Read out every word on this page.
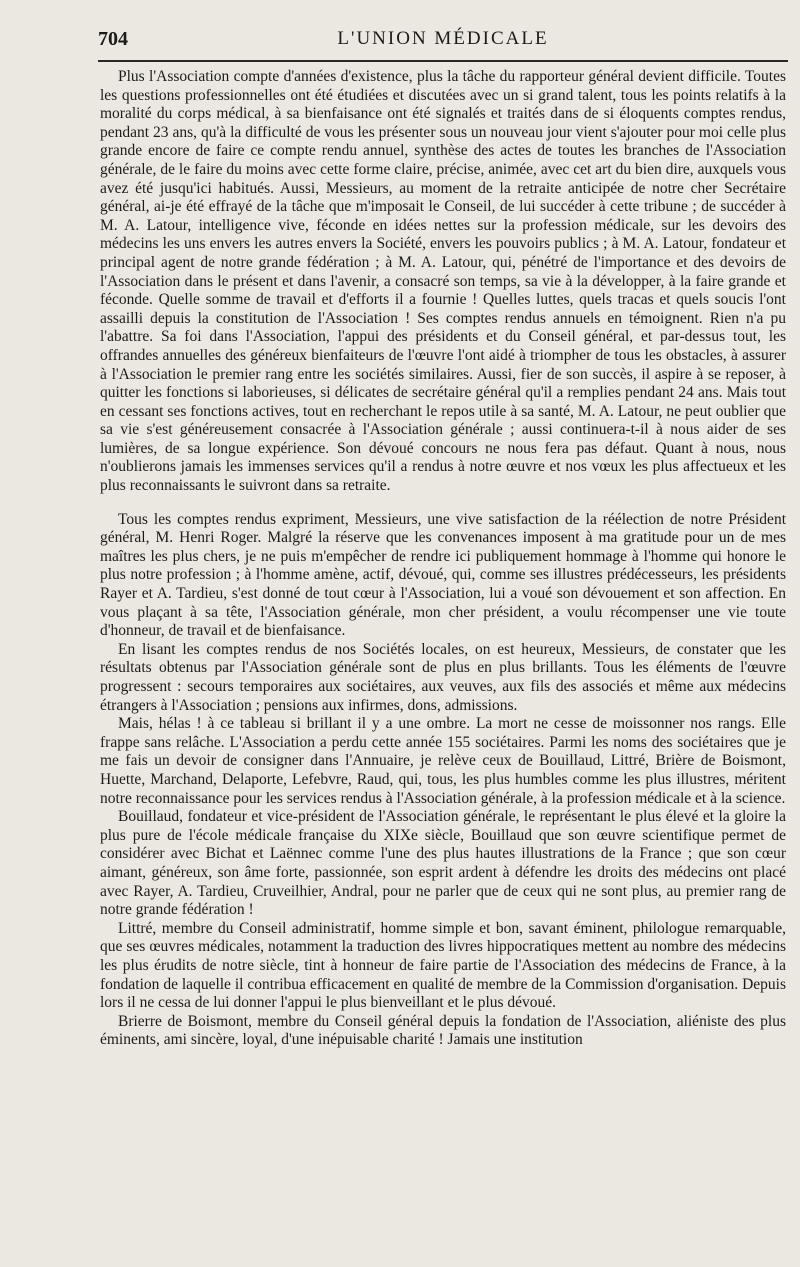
704	L'UNION MÉDICALE

Plus l'Association compte d'années d'existence, plus la tâche du rapporteur général devient difficile. Toutes les questions professionnelles ont été étudiées et discutées avec un si grand talent, tous les points relatifs à la moralité du corps médical, à sa bienfaisance ont été signalés et traités dans de si éloquents comptes rendus, pendant 23 ans, qu'à la difficulté de vous les présenter sous un nouveau jour vient s'ajouter pour moi celle plus grande encore de faire ce compte rendu annuel, synthèse des actes de toutes les branches de l'Association générale, de le faire du moins avec cette forme claire, précise, animée, avec cet art du bien dire, auxquels vous avez été jusqu'ici habitués. Aussi, Messieurs, au moment de la retraite anticipée de notre cher Secrétaire général, ai-je été effrayé de la tâche que m'imposait le Conseil, de lui succéder à cette tribune ; de succéder à M. A. Latour, intelligence vive, féconde en idées nettes sur la profession médicale, sur les devoirs des médecins les uns envers les autres envers la Société, envers les pouvoirs publics ; à M. A. Latour, fondateur et principal agent de notre grande fédération ; à M. A. Latour, qui, pénétré de l'importance et des devoirs de l'Association dans le présent et dans l'avenir, a consacré son temps, sa vie à la développer, à la faire grande et féconde. Quelle somme de travail et d'efforts il a fournie ! Quelles luttes, quels tracas et quels soucis l'ont assailli depuis la constitution de l'Association ! Ses comptes rendus annuels en témoignent. Rien n'a pu l'abattre. Sa foi dans l'Association, l'appui des présidents et du Conseil général, et par-dessus tout, les offrandes annuelles des généreux bienfaiteurs de l'œuvre l'ont aidé à triompher de tous les obstacles, à assurer à l'Association le premier rang entre les sociétés similaires. Aussi, fier de son succès, il aspire à se reposer, à quitter les fonctions si laborieuses, si délicates de secrétaire général qu'il a remplies pendant 24 ans. Mais tout en cessant ses fonctions actives, tout en recherchant le repos utile à sa santé, M. A. Latour, ne peut oublier que sa vie s'est généreusement consacrée à l'Association générale ; aussi continuera-t-il à nous aider de ses lumières, de sa longue expérience. Son dévoué concours ne nous fera pas défaut. Quant à nous, nous n'oublierons jamais les immenses services qu'il a rendus à notre œuvre et nos vœux les plus affectueux et les plus reconnaissants le suivront dans sa retraite.

Tous les comptes rendus expriment, Messieurs, une vive satisfaction de la réélection de notre Président général, M. Henri Roger. Malgré la réserve que les convenances imposent à ma gratitude pour un de mes maîtres les plus chers, je ne puis m'empêcher de rendre ici publiquement hommage à l'homme qui honore le plus notre profession ; à l'homme amène, actif, dévoué, qui, comme ses illustres prédécesseurs, les présidents Rayer et A. Tardieu, s'est donné de tout cœur à l'Association, lui a voué son dévouement et son affection. En vous plaçant à sa tête, l'Association générale, mon cher président, a voulu récompenser une vie toute d'honneur, de travail et de bienfaisance.

En lisant les comptes rendus de nos Sociétés locales, on est heureux, Messieurs, de constater que les résultats obtenus par l'Association générale sont de plus en plus brillants. Tous les éléments de l'œuvre progressent : secours temporaires aux sociétaires, aux veuves, aux fils des associés et même aux médecins étrangers à l'Association ; pensions aux infirmes, dons, admissions.

Mais, hélas ! à ce tableau si brillant il y a une ombre. La mort ne cesse de moissonner nos rangs. Elle frappe sans relâche. L'Association a perdu cette année 155 sociétaires. Parmi les noms des sociétaires que je me fais un devoir de consigner dans l'Annuaire, je relève ceux de Bouillaud, Littré, Brière de Boismont, Huette, Marchand, Delaporte, Lefebvre, Raud, qui, tous, les plus humbles comme les plus illustres, méritent notre reconnaissance pour les services rendus à l'Association générale, à la profession médicale et à la science.

Bouillaud, fondateur et vice-président de l'Association générale, le représentant le plus élevé et la gloire la plus pure de l'école médicale française du XIXe siècle, Bouillaud que son œuvre scientifique permet de considérer avec Bichat et Laënnec comme l'une des plus hautes illustrations de la France ; que son cœur aimant, généreux, son âme forte, passionnée, son esprit ardent à défendre les droits des médecins ont placé avec Rayer, A. Tardieu, Cruveilhier, Andral, pour ne parler que de ceux qui ne sont plus, au premier rang de notre grande fédération !

Littré, membre du Conseil administratif, homme simple et bon, savant éminent, philologue remarquable, que ses œuvres médicales, notamment la traduction des livres hippocratiques mettent au nombre des médecins les plus érudits de notre siècle, tint à honneur de faire partie de l'Association des médecins de France, à la fondation de laquelle il contribua efficacement en qualité de membre de la Commission d'organisation. Depuis lors il ne cessa de lui donner l'appui le plus bienveillant et le plus dévoué.

Brierre de Boismont, membre du Conseil général depuis la fondation de l'Association, aliéniste des plus éminents, ami sincère, loyal, d'une inépuisable charité ! Jamais une institution
